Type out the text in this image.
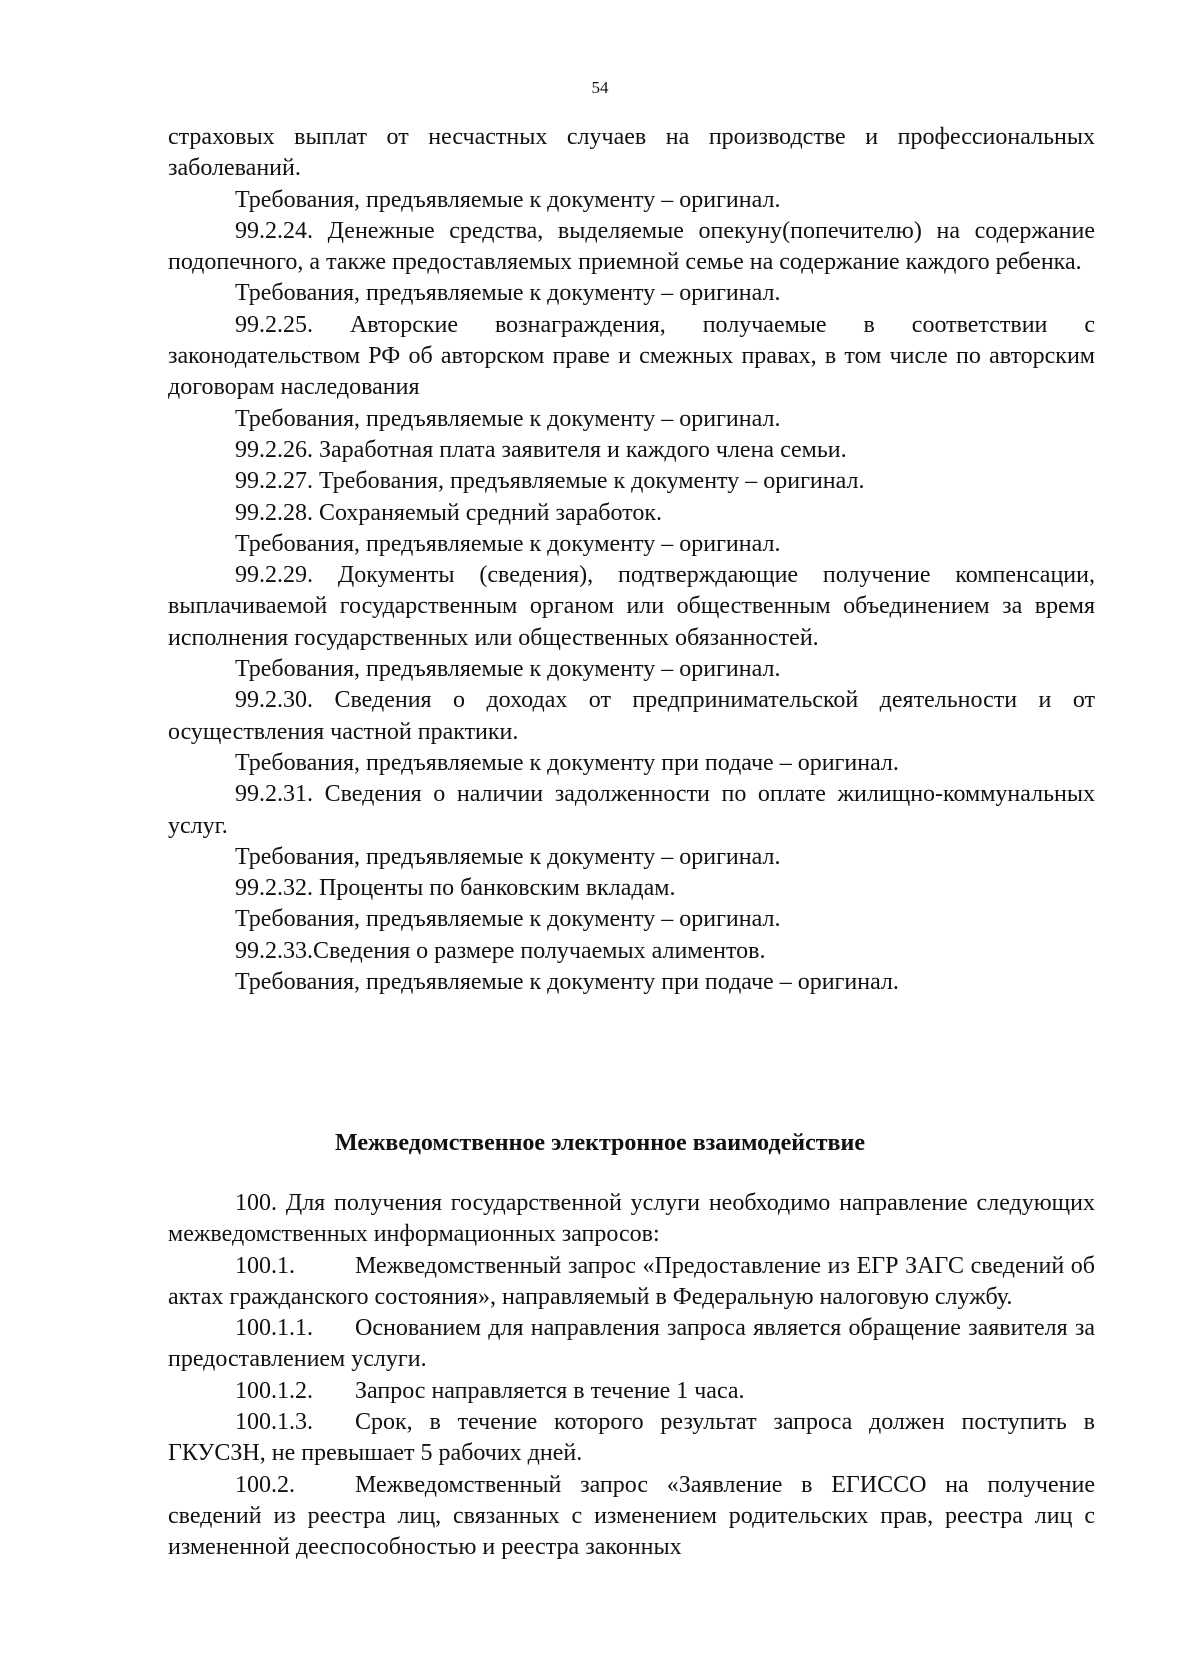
54

страховых выплат от несчастных случаев на производстве и профессиональных заболеваний.

Требования, предъявляемые к документу – оригинал.

99.2.24. Денежные средства, выделяемые опекуну(попечителю) на содержание подопечного, а также предоставляемых приемной семье на содержание каждого ребенка.

Требования, предъявляемые к документу – оригинал.

99.2.25. Авторские вознаграждения, получаемые в соответствии с законодательством РФ об авторском праве и смежных правах, в том числе по авторским договорам наследования

Требования, предъявляемые к документу – оригинал.

99.2.26. Заработная плата заявителя и каждого члена семьи.

99.2.27. Требования, предъявляемые к документу – оригинал.

99.2.28. Сохраняемый средний заработок.

Требования, предъявляемые к документу – оригинал.

99.2.29. Документы (сведения), подтверждающие получение компенсации, выплачиваемой государственным органом или общественным объединением за время исполнения государственных или общественных обязанностей.

Требования, предъявляемые к документу – оригинал.

99.2.30. Сведения о доходах от предпринимательской деятельности и от осуществления частной практики.

Требования, предъявляемые к документу при подаче – оригинал.

99.2.31. Сведения о наличии задолженности по оплате жилищно-коммунальных услуг.

Требования, предъявляемые к документу – оригинал.

99.2.32. Проценты по банковским вкладам.

Требования, предъявляемые к документу – оригинал.

99.2.33.Сведения о размере получаемых алиментов.

Требования, предъявляемые к документу при подаче – оригинал.

Межведомственное электронное взаимодействие

100. Для получения государственной услуги необходимо направление следующих межведомственных информационных запросов:

100.1.	Межведомственный запрос «Предоставление из ЕГР ЗАГС сведений об актах гражданского состояния», направляемый в Федеральную налоговую службу.

100.1.1. Основанием для направления запроса является обращение заявителя за предоставлением услуги.

100.1.2. Запрос направляется в течение 1 часа.

100.1.3. Срок, в течение которого результат запроса должен поступить в ГКУСЗН, не превышает 5 рабочих дней.

100.2.	Межведомственный запрос «Заявление в ЕГИССО на получение сведений из реестра лиц, связанных с изменением родительских прав, реестра лиц с измененной дееспособностью и реестра законных
